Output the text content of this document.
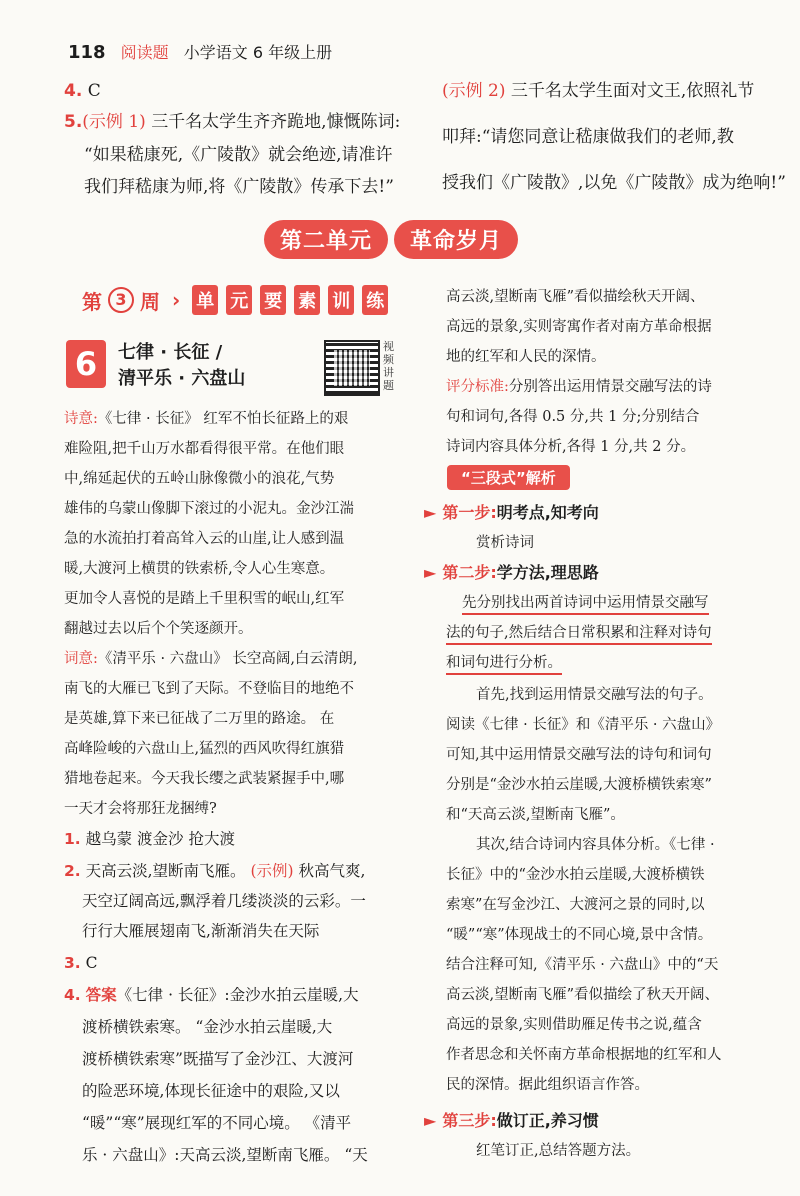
118 阅读题 小学语文 6 年级上册
4. C
5.(示例 1) 三千名太学生齐齐跪地,慷慨陈词:
“如果嵇康死,《广陵散》就会绝迹,请准许
我们拜嵇康为师,将《广陵散》传承下去!”
(示例 2) 三千名太学生面对文王,依照礼节
叩拜:“请您同意让嵇康做我们的老师,教
授我们《广陵散》,以免《广陵散》成为绝响!”
第二单元	革命岁月
第 3 周 › 单 元 要 素 训 练
6	七律 · 长征 /
清平乐 · 六盘山
视频讲题
诗意:《七律 · 长征》 红军不怕长征路上的艰
难险阻,把千山万水都看得很平常。在他们眼
中,绵延起伏的五岭山脉像微小的浪花,气势
雄伟的乌蒙山像脚下滚过的小泥丸。金沙江湍
急的水流拍打着高耸入云的山崖,让人感到温
暖,大渡河上横贯的铁索桥,令人心生寒意。
更加令人喜悦的是踏上千里积雪的岷山,红军
翻越过去以后个个笑逐颜开。
词意:《清平乐 · 六盘山》 长空高阔,白云清朗,
南飞的大雁已飞到了天际。不登临目的地绝不
是英雄,算下来已征战了二万里的路途。 在
高峰险峻的六盘山上,猛烈的西风吹得红旗猎
猎地卷起来。今天我长缨之武装紧握手中,哪
一天才会将那狂龙捆缚?
1. 越乌蒙 渡金沙 抢大渡
2. 天高云淡,望断南飞雁。 (示例) 秋高气爽,
天空辽阔高远,飘浮着几缕淡淡的云彩。一
行行大雁展翅南飞,渐渐消失在天际
3. C
4. 答案《七律 · 长征》:金沙水拍云崖暖,大
渡桥横铁索寒。 “金沙水拍云崖暖,大
渡桥横铁索寒”既描写了金沙江、大渡河
的险恶环境,体现长征途中的艰险,又以
“暖”“寒”展现红军的不同心境。 《清平
乐 · 六盘山》:天高云淡,望断南飞雁。 “天
高云淡,望断南飞雁”看似描绘秋天开阔、
高远的景象,实则寄寓作者对南方革命根据
地的红军和人民的深情。
评分标准:分别答出运用情景交融写法的诗
句和词句,各得 0.5 分,共 1 分;分别结合
诗词内容具体分析,各得 1 分,共 2 分。
“三段式”解析
► 第一步:明考点,知考向
赏析诗词
► 第二步:学方法,理思路
先分别找出两首诗词中运用情景交融写
法的句子,然后结合日常积累和注释对诗句
和词句进行分析。
首先,找到运用情景交融写法的句子。
阅读《七律 · 长征》和《清平乐 · 六盘山》
可知,其中运用情景交融写法的诗句和词句
分别是“金沙水拍云崖暖,大渡桥横铁索寒”
和“天高云淡,望断南飞雁”。
其次,结合诗词内容具体分析。《七律 ·
长征》中的“金沙水拍云崖暖,大渡桥横铁
索寒”在写金沙江、大渡河之景的同时,以
“暖”“寒”体现战士的不同心境,景中含情。
结合注释可知,《清平乐 · 六盘山》中的“天
高云淡,望断南飞雁”看似描绘了秋天开阔、
高远的景象,实则借助雁足传书之说,蕴含
作者思念和关怀南方革命根据地的红军和人
民的深情。据此组织语言作答。
► 第三步:做订正,养习惯
红笔订正,总结答题方法。
